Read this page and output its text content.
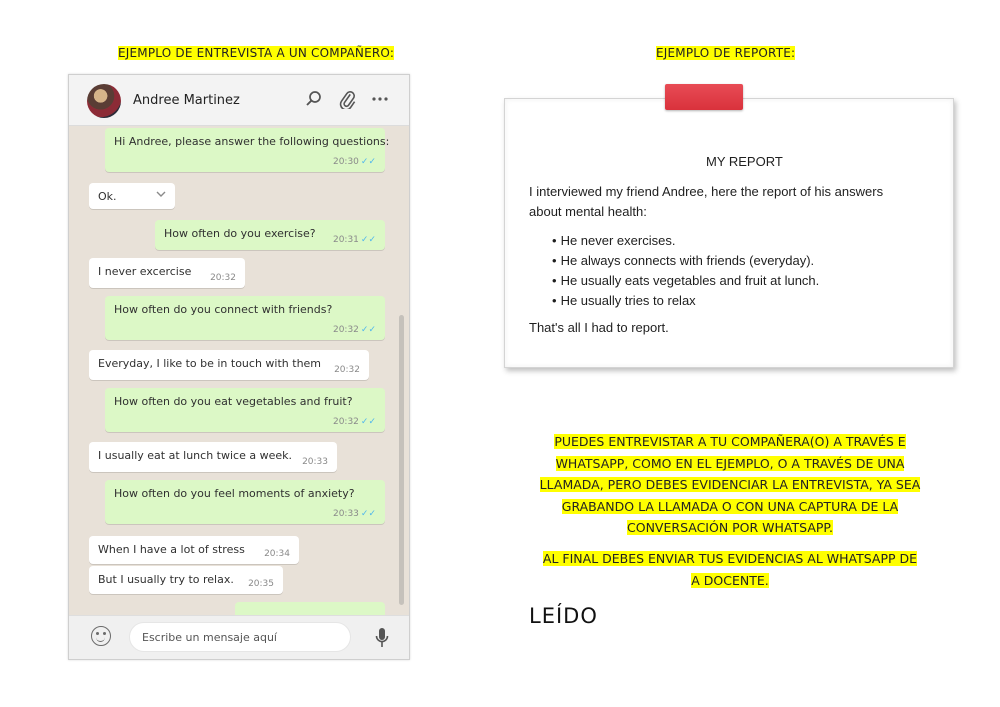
EJEMPLO DE ENTREVISTA A UN COMPAÑERO:	EJEMPLO DE REPORTE:
Andree Martinez
Hi Andree, please answer the following questions:
20:30 ✓✓
Ok.
How often do you exercise? 20:31 ✓✓
I never excercise 20:32
How often do you connect with friends?
20:32 ✓✓
Everyday, I like to be in touch with them 20:32
How often do you eat vegetables and fruit?
20:32 ✓✓
I usually eat at lunch twice a week. 20:33
How often do you feel moments of anxiety?
20:33 ✓✓
When I have a lot of stress 20:34
But I usually try to relax. 20:35
Escribe un mensaje aquí
MY REPORT
I interviewed my friend Andree, here the report of his answers
about mental health:
• He never exercises.
• He always connects with friends (everyday).
• He usually eats vegetables and fruit at lunch.
• He usually tries to relax
That's all I had to report.
PUEDES ENTREVISTAR A TU COMPAÑERA(O) A TRAVÉS E
WHATSAPP, COMO EN EL EJEMPLO, O A TRAVÉS DE UNA
LLAMADA, PERO DEBES EVIDENCIAR LA ENTREVISTA, YA SEA
GRABANDO LA LLAMADA O CON UNA CAPTURA DE LA
CONVERSACIÓN POR WHATSAPP.
AL FINAL DEBES ENVIAR TUS EVIDENCIAS AL WHATSAPP DE
A DOCENTE.
LEÍDO
